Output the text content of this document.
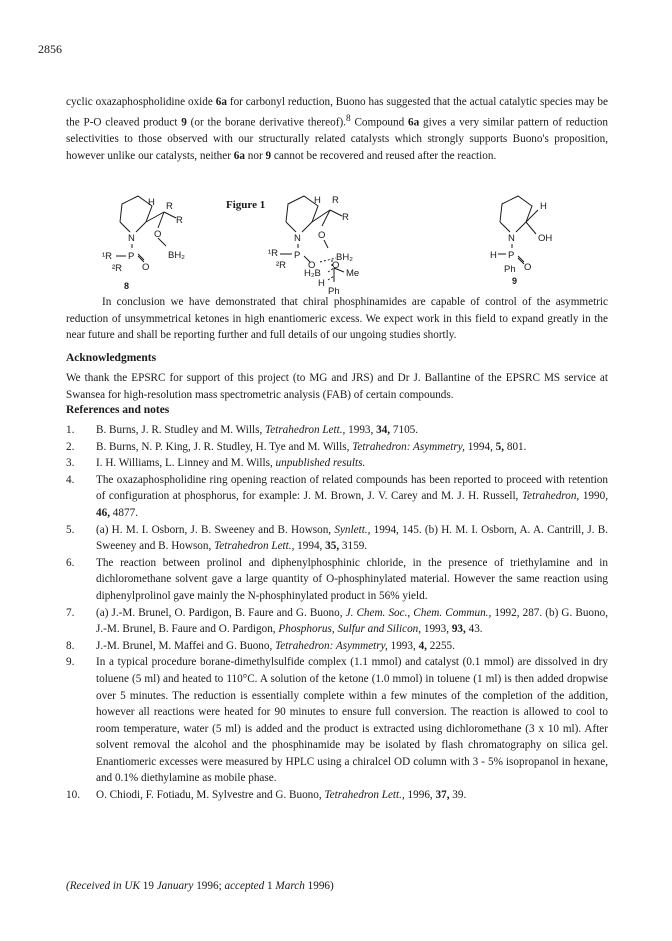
2856

cyclic oxazaphospholidine oxide 6a for carbonyl reduction, Buono has suggested that the actual catalytic species may be the P-O cleaved product 9 (or the borane derivative thereof).$^8$ Compound 6a gives a very similar pattern of reduction selectivities to those observed with our structurally related catalysts which strongly supports Buono's proposition, however unlike our catalysts, neither 6a nor 9 cannot be recovered and reused after the reaction.

H R
R
N O
P
¹R
²R O
BH₂
8
Figure 1	H R
R
N O
P
¹R
²R O
BH₂
H₂B
O
Me
H
Ph
H
N OH
H P
O
Ph
9

In conclusion we have demonstrated that chiral phosphinamides are capable of control of the asymmetric reduction of unsymmetrical ketones in high enantiomeric excess. We expect work in this field to expand greatly in the near future and shall be reporting further and full details of our ungoing studies shortly.

Acknowledgments

We thank the EPSRC for support of this project (to MG and JRS) and Dr J. Ballantine of the EPSRC MS service at Swansea for high-resolution mass spectrometric analysis (FAB) of certain compounds.

References and notes
1. B. Burns, J. R. Studley and M. Wills, Tetrahedron Lett., 1993, 34, 7105.
2. B. Burns, N. P. King, J. R. Studley, H. Tye and M. Wills, Tetrahedron: Asymmetry, 1994, 5, 801.
3. I. H. Williams, L. Linney and M. Wills, unpublished results.
4. The oxazaphospholidine ring opening reaction of related compounds has been reported to proceed with retention of configuration at phosphorus, for example: J. M. Brown, J. V. Carey and M. J. H. Russell, Tetrahedron, 1990, 46, 4877.
5. (a) H. M. I. Osborn, J. B. Sweeney and B. Howson, Synlett., 1994, 145. (b) H. M. I. Osborn, A. A. Cantrill, J. B. Sweeney and B. Howson, Tetrahedron Lett., 1994, 35, 3159.
6. The reaction between prolinol and diphenylphosphinic chloride, in the presence of triethylamine and in dichloromethane solvent gave a large quantity of O-phosphinylated material. However the same reaction using diphenylprolinol gave mainly the N-phosphinylated product in 56% yield.
7. (a) J.-M. Brunel, O. Pardigon, B. Faure and G. Buono, J. Chem. Soc., Chem. Commun., 1992, 287. (b) G. Buono, J.-M. Brunel, B. Faure and O. Pardigon, Phosphorus, Sulfur and Silicon, 1993, 93, 43.
8. J.-M. Brunel, M. Maffei and G. Buono, Tetrahedron: Asymmetry, 1993, 4, 2255.
9. In a typical procedure borane-dimethylsulfide complex (1.1 mmol) and catalyst (0.1 mmol) are dissolved in dry toluene (5 ml) and heated to 110°C. A solution of the ketone (1.0 mmol) in toluene (1 ml) is then added dropwise over 5 minutes. The reduction is essentially complete within a few minutes of the completion of the addition, however all reactions were heated for 90 minutes to ensure full conversion. The reaction is allowed to cool to room temperature, water (5 ml) is added and the product is extracted using dichloromethane (3 x 10 ml). After solvent removal the alcohol and the phosphinamide may be isolated by flash chromatography on silica gel. Enantiomeric excesses were measured by HPLC using a chiralcel OD column with 3 - 5% isopropanol in hexane, and 0.1% diethylamine as mobile phase.
10. O. Chiodi, F. Fotiadu, M. Sylvestre and G. Buono, Tetrahedron Lett., 1996, 37, 39.
(Received in UK 19 January 1996; accepted 1 March 1996)
